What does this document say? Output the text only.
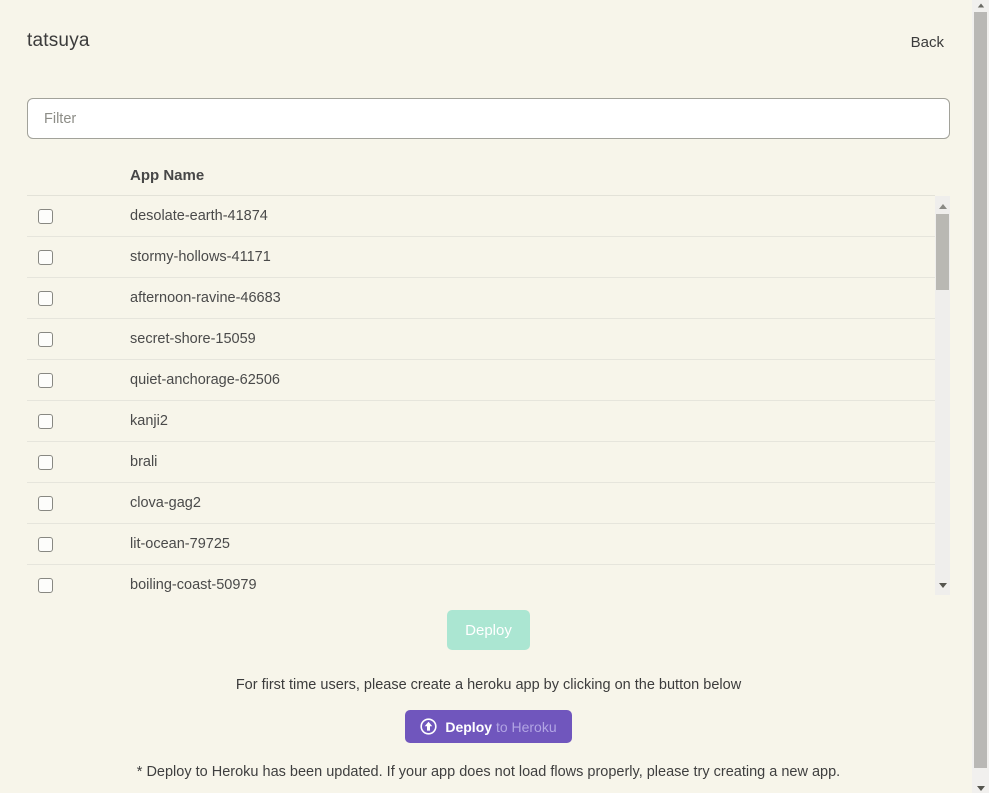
tatsuya	Back
Filter
App Name
desolate-earth-41874
stormy-hollows-41171
afternoon-ravine-46683
secret-shore-15059
quiet-anchorage-62506
kanji2
brali
clova-gag2
lit-ocean-79725
boiling-coast-50979
Deploy
For first time users, please create a heroku app by clicking on the button below
Deploy to Heroku
* Deploy to Heroku has been updated. If your app does not load flows properly, please try creating a new app.
